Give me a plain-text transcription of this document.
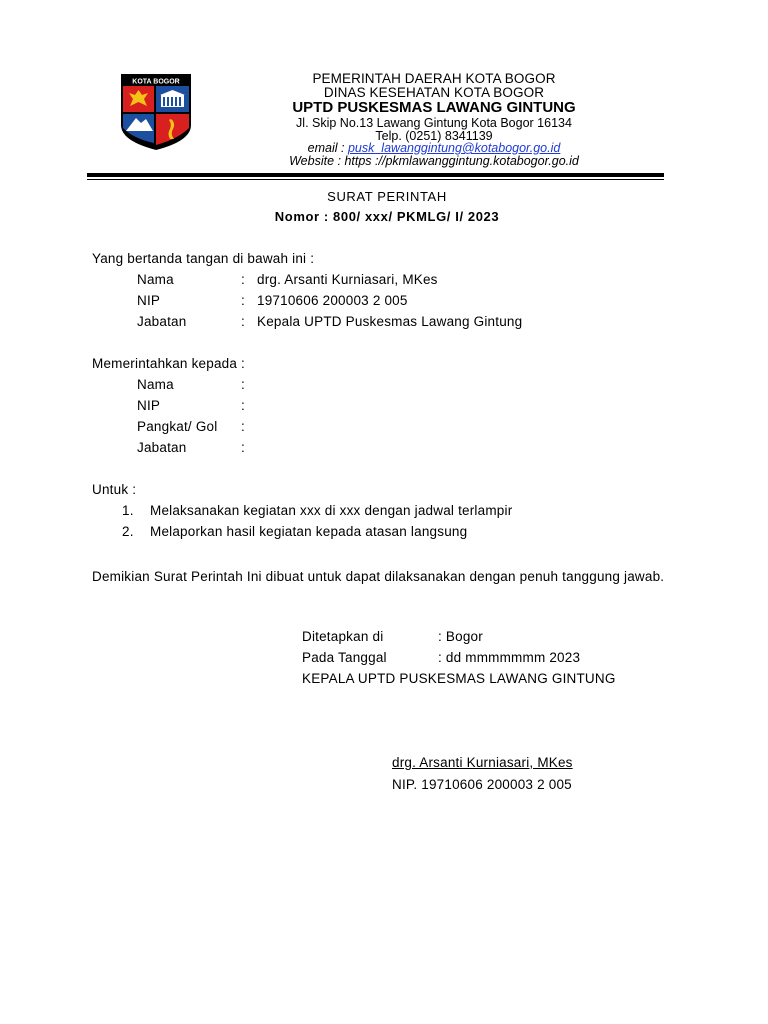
KOTA BOGOR	PEMERINTAH DAERAH KOTA BOGOR
DINAS KESEHATAN KOTA BOGOR
UPTD PUSKESMAS LAWANG GINTUNG
Jl. Skip No.13 Lawang Gintung Kota Bogor 16134
Telp. (0251) 8341139
email : pusk_lawanggintung@kotabogor.go.id
Website : https ://pkmlawanggintung.kotabogor.go.id
SURAT PERINTAH
Nomor : 800/ xxx/ PKMLG/ I/ 2023
Yang bertanda tangan di bawah ini :
Nama	: drg. Arsanti Kurniasari, MKes
NIP	: 19710606 200003 2 005
Jabatan	: Kepala UPTD Puskesmas Lawang Gintung
Memerintahkan kepada :
Nama	:
NIP	:
Pangkat/ Gol :
Jabatan	:
Untuk :
1. Melaksanakan kegiatan xxx di xxx dengan jadwal terlampir
2. Melaporkan hasil kegiatan kepada atasan langsung
Demikian Surat Perintah Ini dibuat untuk dapat dilaksanakan dengan penuh tanggung jawab.
Ditetapkan di	: Bogor
Pada Tanggal	: dd mmmmmmm 2023
KEPALA UPTD PUSKESMAS LAWANG GINTUNG
drg. Arsanti Kurniasari, MKes
NIP. 19710606 200003 2 005
